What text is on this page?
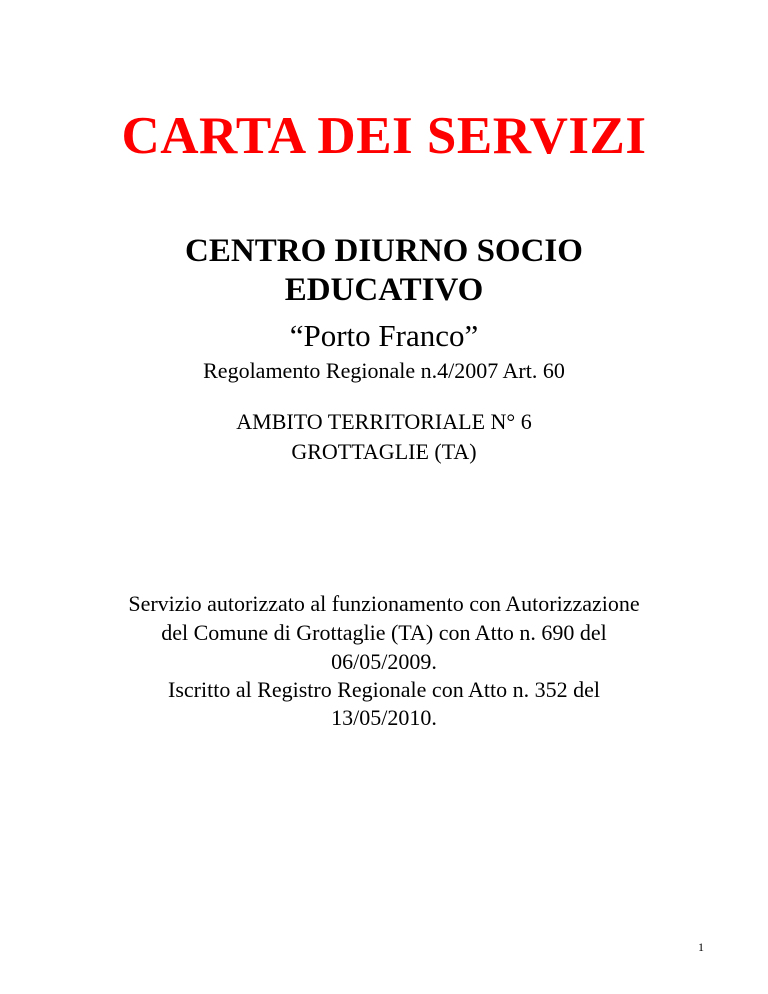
CARTA DEI SERVIZI
CENTRO DIURNO SOCIO
EDUCATIVO
“Porto Franco”
Regolamento Regionale n.4/2007 Art. 60
AMBITO TERRITORIALE N° 6
GROTTAGLIE (TA)
Servizio autorizzato al funzionamento con Autorizzazione
del Comune di Grottaglie (TA) con Atto n. 690 del
06/05/2009.
Iscritto al Registro Regionale con Atto n. 352 del
13/05/2010.
1
